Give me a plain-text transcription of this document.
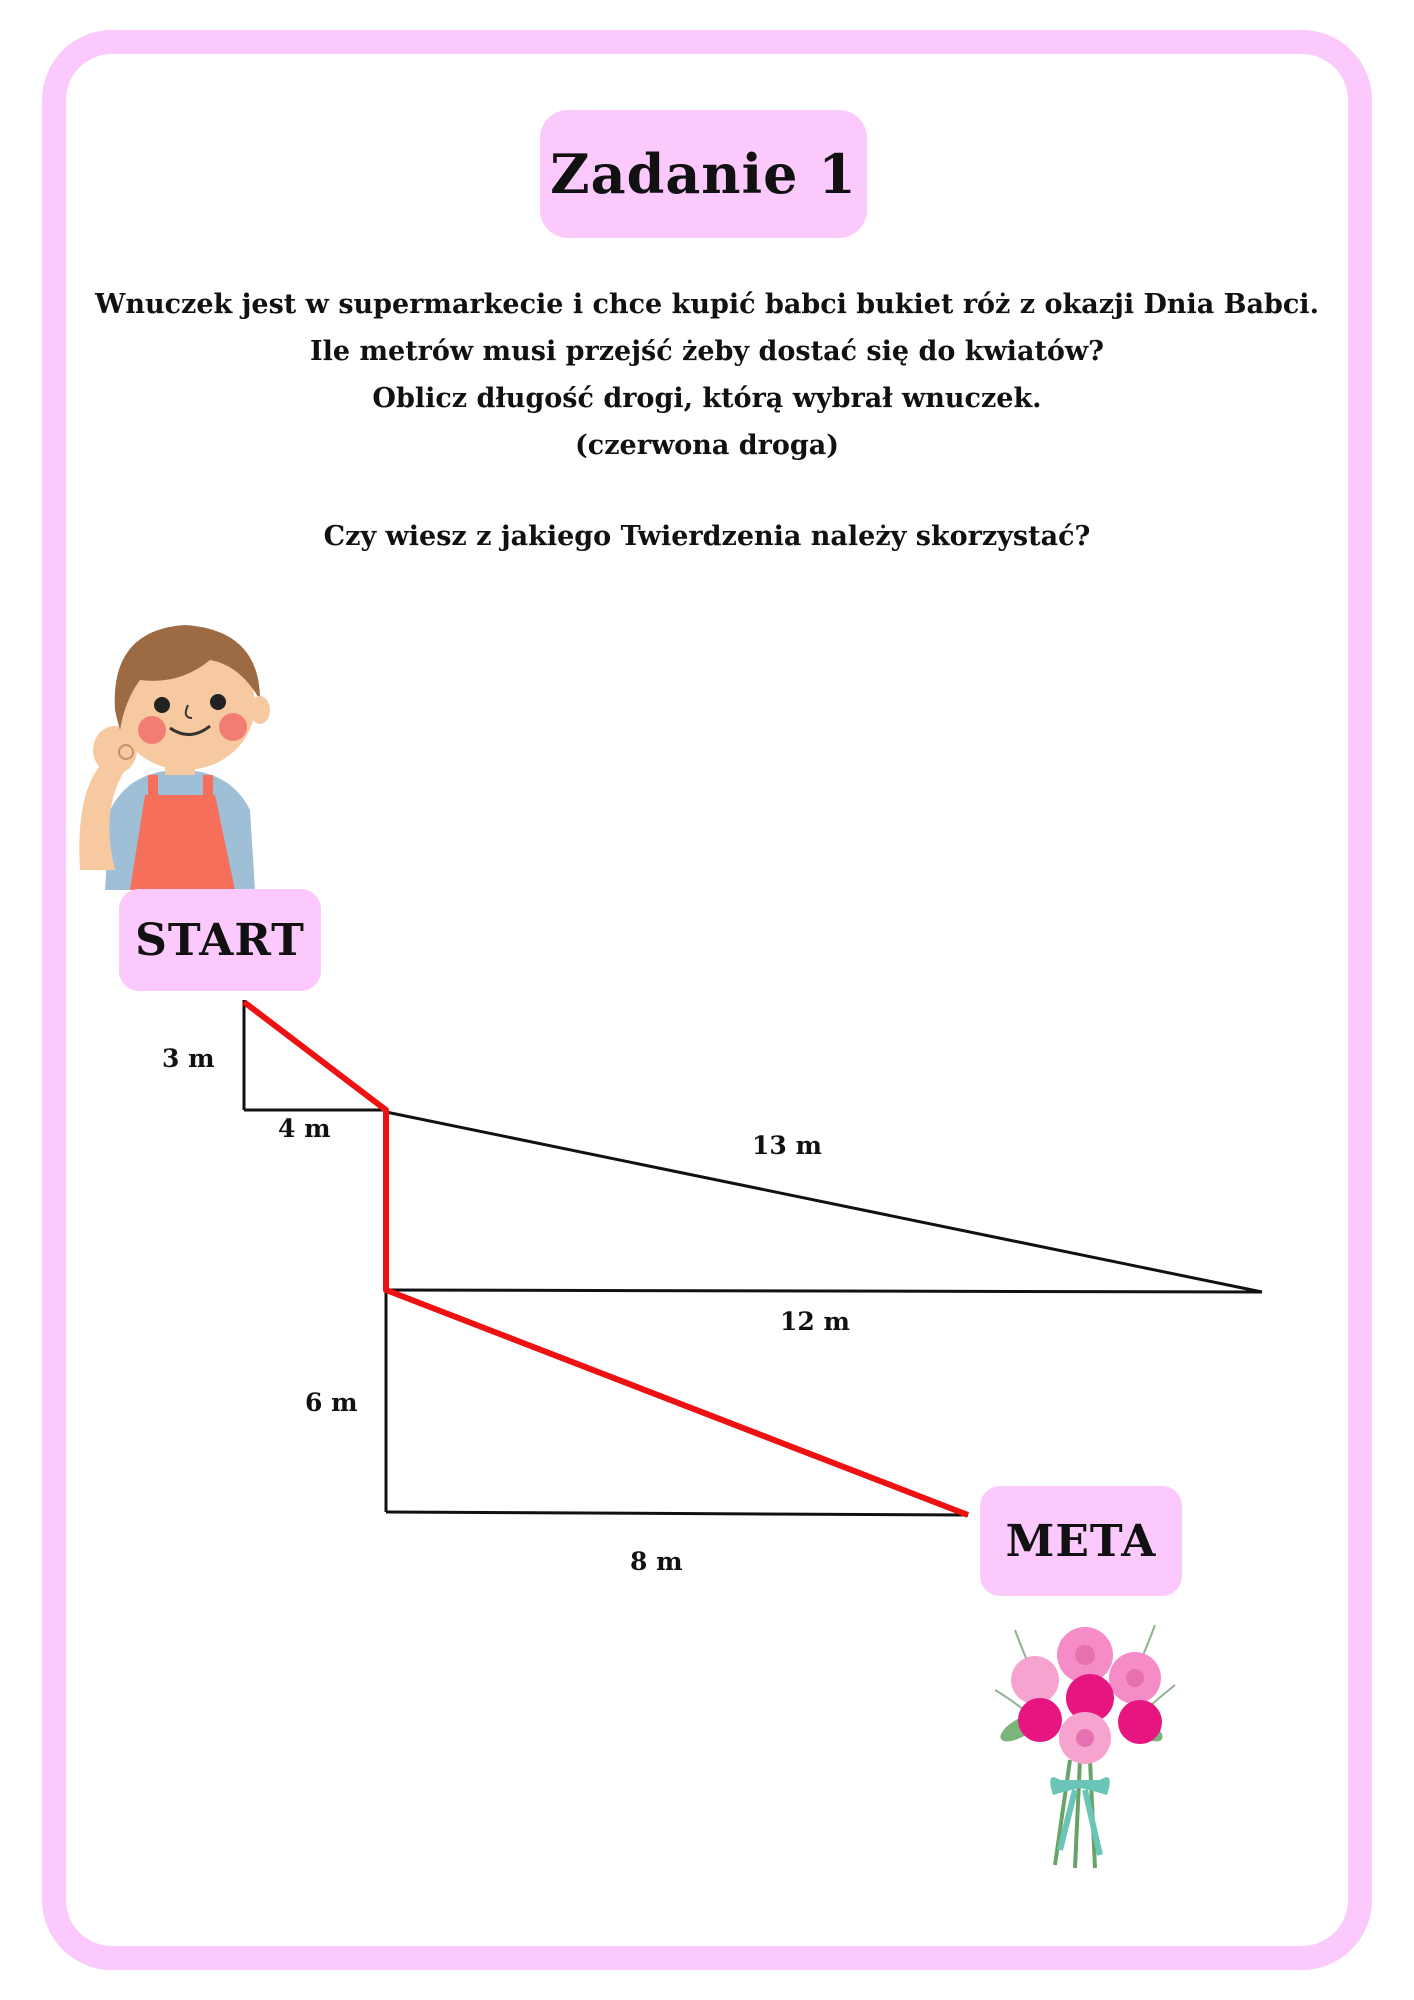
Zadanie 1
Wnuczek jest w supermarkecie i chce kupić babci bukiet róż z okazji Dnia Babci.
Ile metrów musi przejść żeby dostać się do kwiatów?
Oblicz długość drogi, którą wybrał wnuczek.
(czerwona droga)
Czy wiesz z jakiego Twierdzenia należy skorzystać?
START
META
3 m
4 m
13 m
12 m
6 m
8 m
